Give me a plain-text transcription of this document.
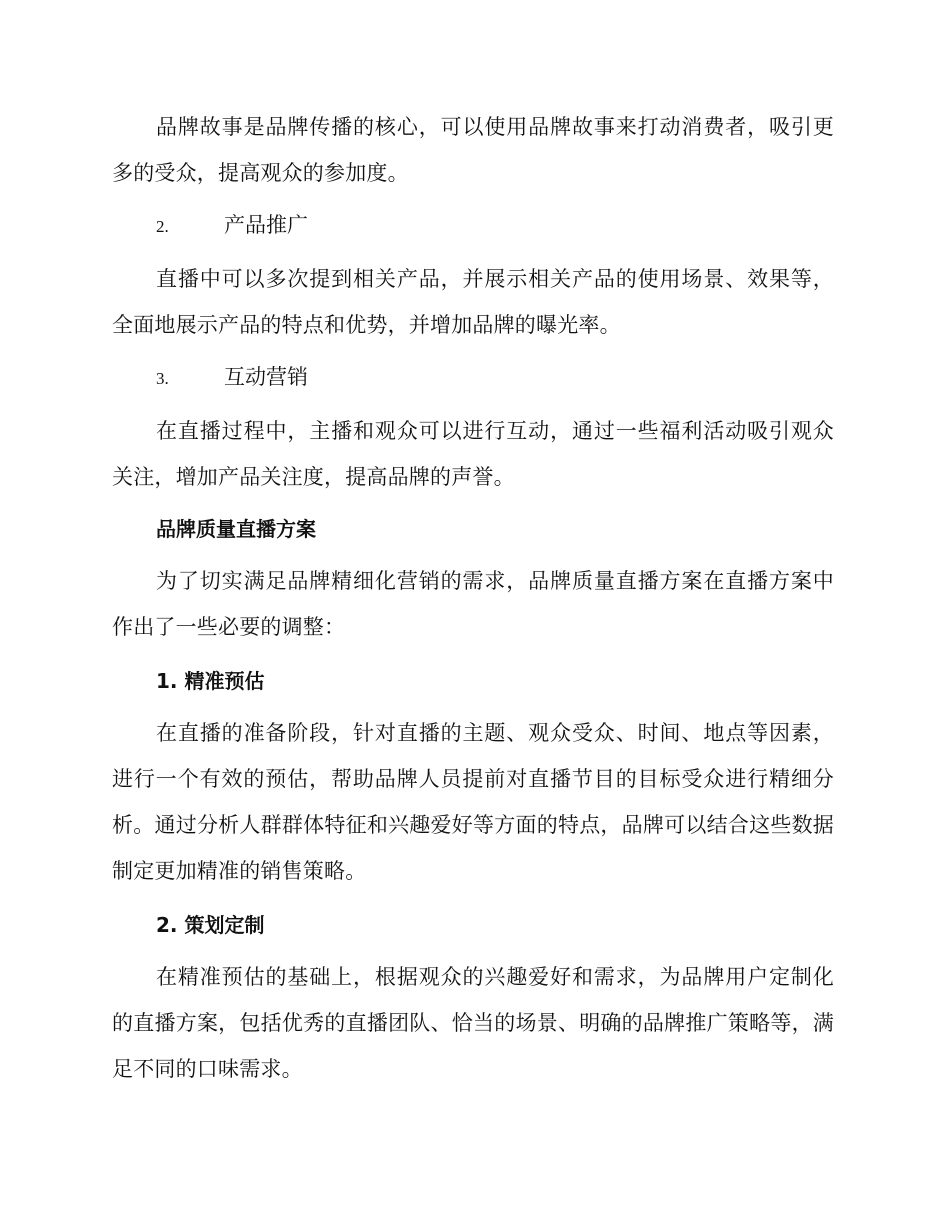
品牌故事是品牌传播的核心，可以使用品牌故事来打动消费者，吸引更多的受众，提高观众的参加度。

2.	产品推广

直播中可以多次提到相关产品，并展示相关产品的使用场景、效果等，全面地展示产品的特点和优势，并增加品牌的曝光率。

3.	互动营销

在直播过程中，主播和观众可以进行互动，通过一些福利活动吸引观众关注，增加产品关注度，提高品牌的声誉。

品牌质量直播方案

为了切实满足品牌精细化营销的需求，品牌质量直播方案在直播方案中作出了一些必要的调整：

1. 精准预估

在直播的准备阶段，针对直播的主题、观众受众、时间、地点等因素，进行一个有效的预估，帮助品牌人员提前对直播节目的目标受众进行精细分析。通过分析人群群体特征和兴趣爱好等方面的特点，品牌可以结合这些数据制定更加精准的销售策略。

2. 策划定制

在精准预估的基础上，根据观众的兴趣爱好和需求，为品牌用户定制化的直播方案，包括优秀的直播团队、恰当的场景、明确的品牌推广策略等，满足不同的口味需求。
